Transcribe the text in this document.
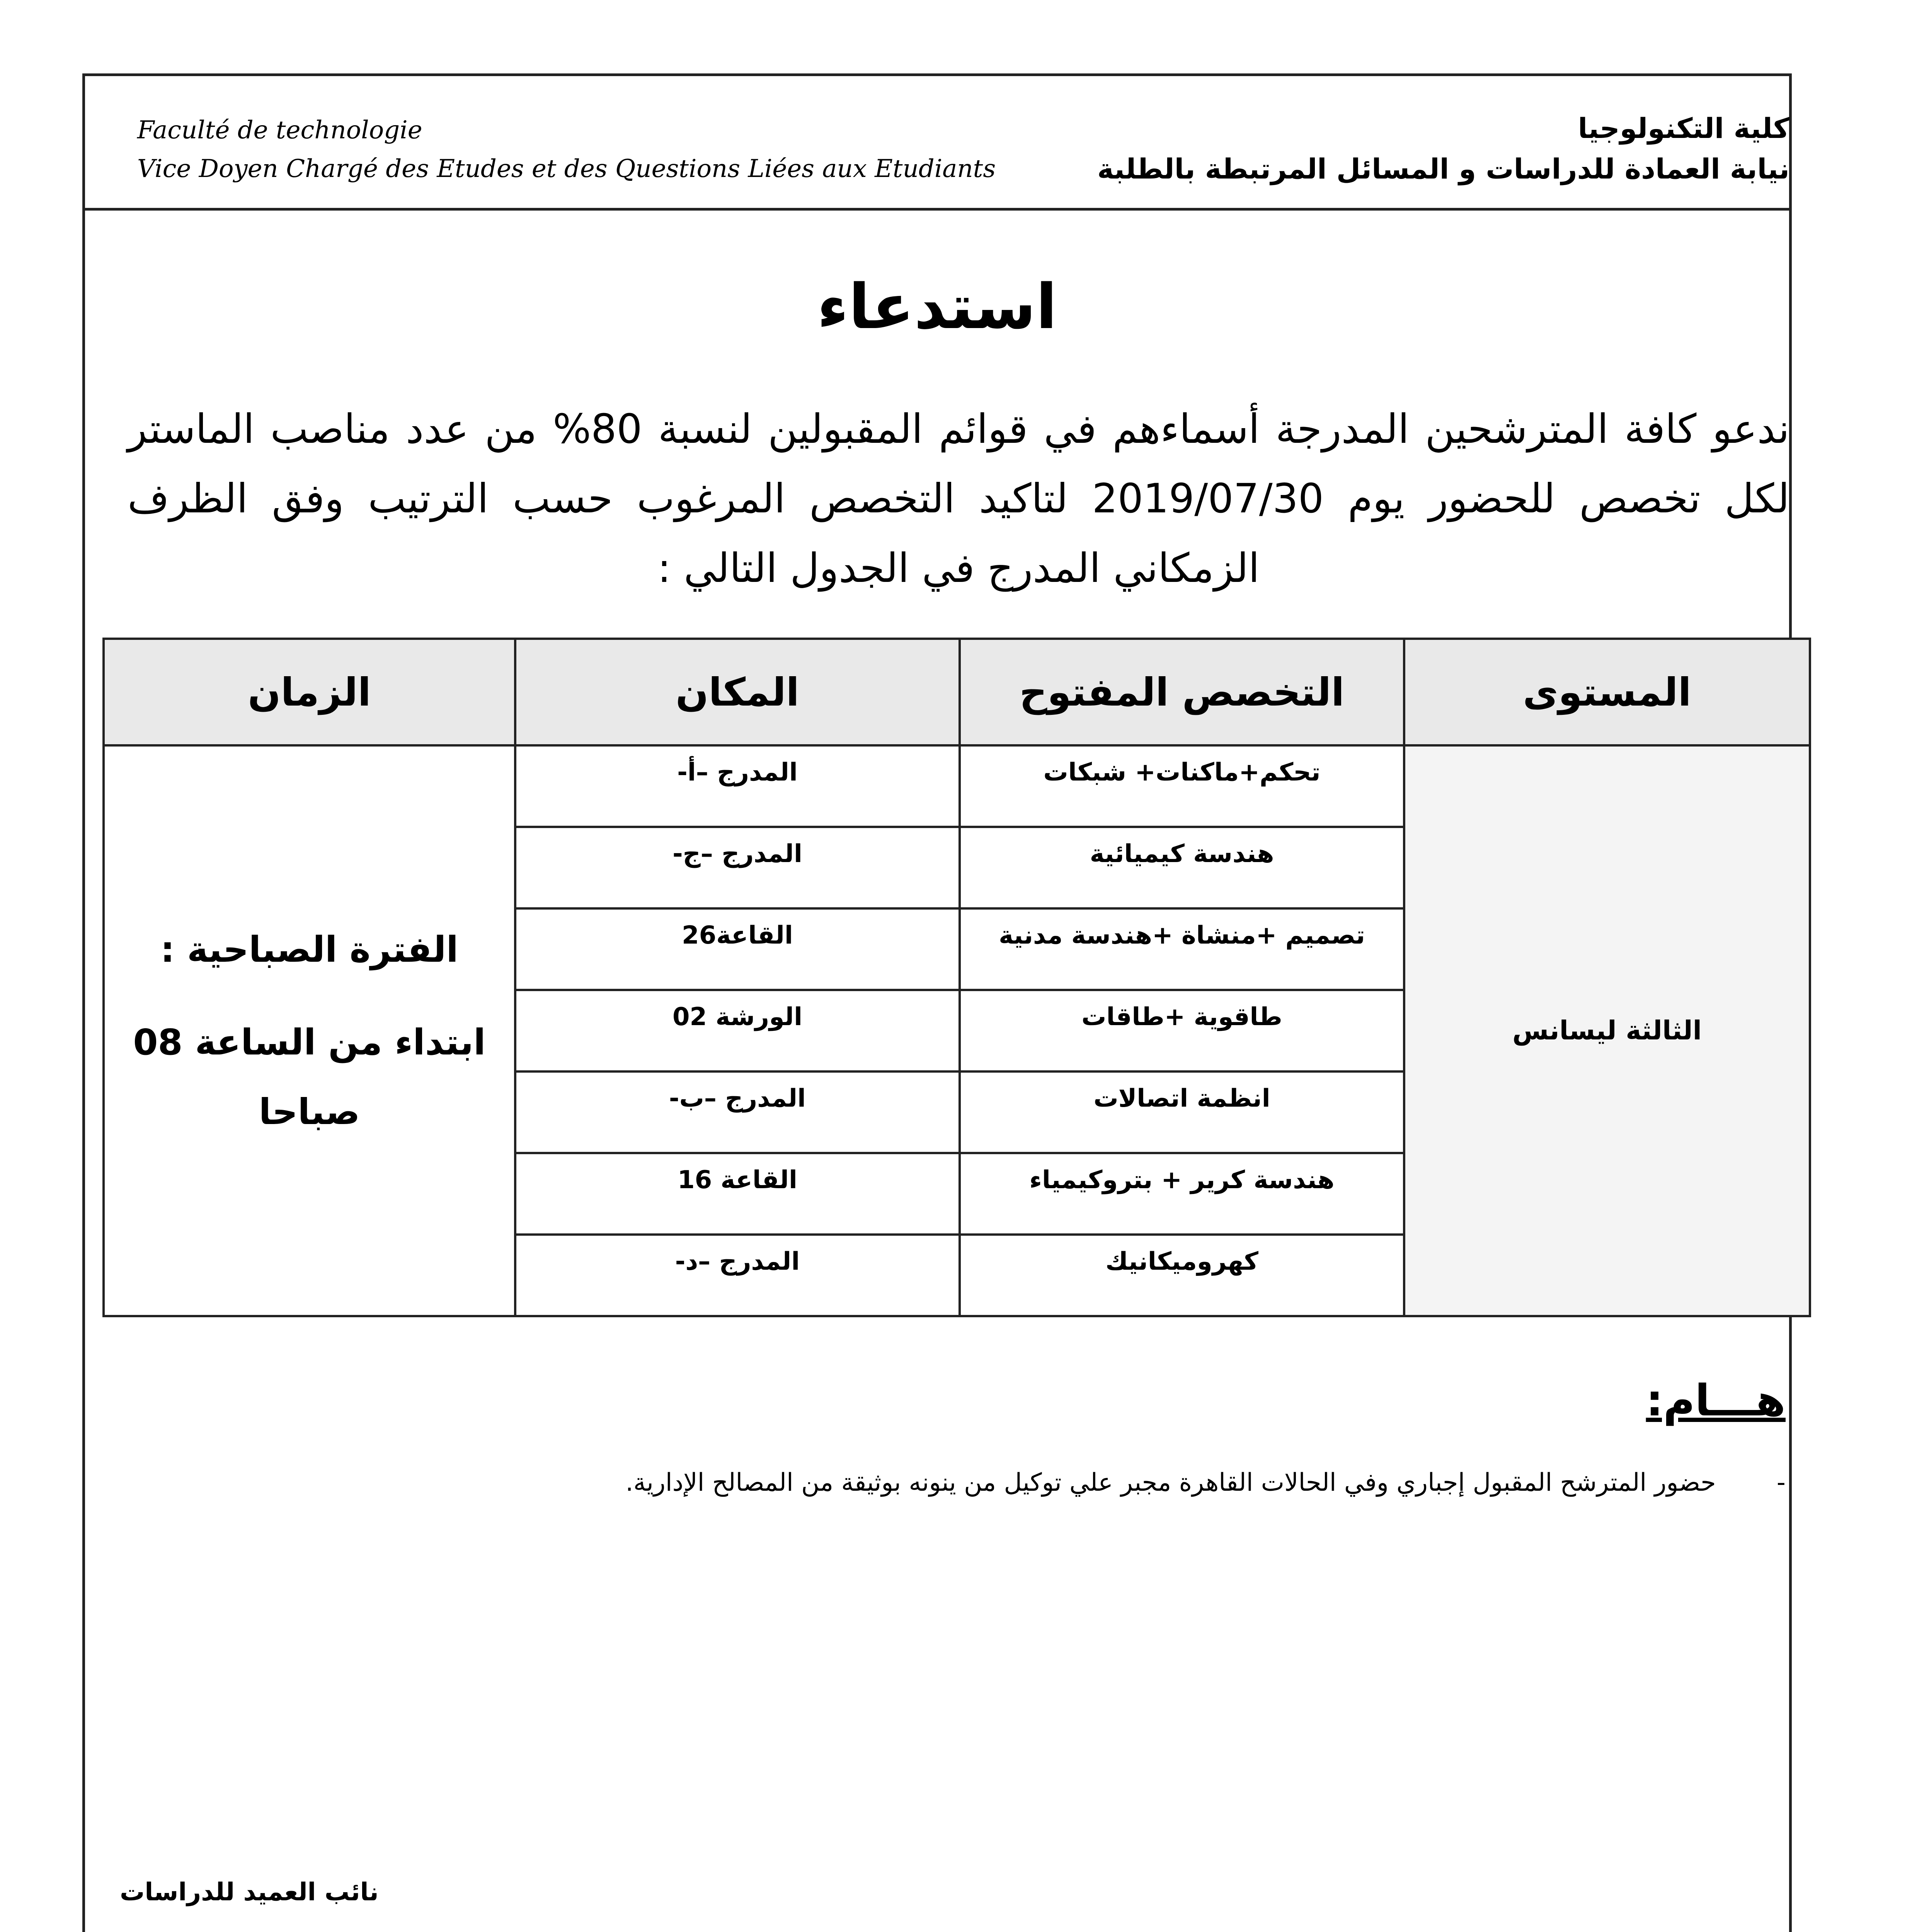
Faculté de technologie
Vice Doyen Chargé des Etudes et des Questions Liées aux Etudiants
كلية التكنولوجيا
نيابة العمادة للدراسات و المسائل المرتبطة بالطلبة
استدعاء
ندعو كافة المترشحين المدرجة أسماءهم في قوائم المقبولين لنسبة 80% من عدد مناصب الماستر لكل تخصص للحضور يوم 2019/07/30 لتاكيد التخصص المرغوب حسب الترتيب وفق الظرف الزمكاني المدرج في الجدول التالي :
المستوى	التخصص المفتوح	المكان	الزمان
الثالثة ليسانس	تحكم+ماكنات+ شبكات	المدرج –أ-	الفترة الصباحية :
ابتداء من الساعة 08
صباحا

	هندسة كيميائية	المدرج –ج-	
	تصميم +منشاة +هندسة مدنية	القاعة26	
	طاقوية +طاقات	الورشة 02	
	انظمة اتصالات	المدرج –ب-	
	هندسة كرير + بتروكيمياء	القاعة 16	
	كهروميكانيك	المدرج –د-	
هـــام:
- حضور المترشح المقبول إجباري وفي الحالات القاهرة مجبر علي توكيل من ينونه بوثيقة من المصالح الإدارية.
نائب العميد للدراسات
